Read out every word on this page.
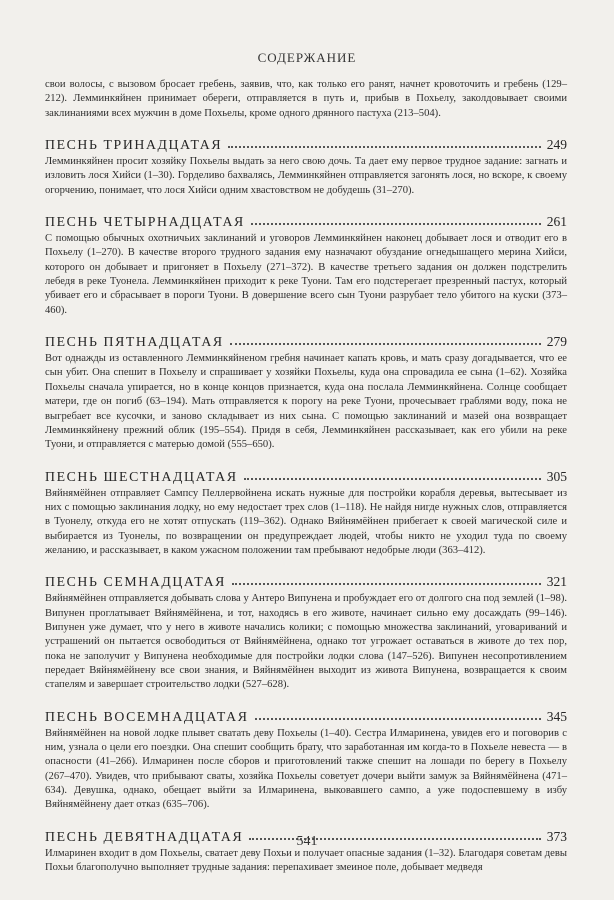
СОДЕРЖАНИЕ

свои волосы, с вызовом бросает гребень, заявив, что, как только его ранят, начнет кровоточить и гребень (129–212). Лемминкяйнен принимает обереги, отправляется в путь и, прибыв в Похьелу, заколдовывает своими заклинаниями всех мужчин в доме Похьелы, кроме одного дрянного пастуха (213–504).

ПЕСНЬ ТРИНАДЦАТАЯ	249

Лемминкяйнен просит хозяйку Похьелы выдать за него свою дочь. Та дает ему первое трудное задание: загнать и изловить лося Хийси (1–30). Горделиво бахвалясь, Лемминкяйнен отправляется загонять лося, но вскоре, к своему огорчению, понимает, что лося Хийси одним хвастовством не добудешь (31–270).

ПЕСНЬ ЧЕТЫРНАДЦАТАЯ	261

С помощью обычных охотничьих заклинаний и уговоров Лемминкяйнен наконец добывает лося и отводит его в Похьелу (1–270). В качестве второго трудного задания ему назначают обуздание огнедышащего мерина Хийси, которого он добывает и пригоняет в Похьелу (271–372). В качестве третьего задания он должен подстрелить лебедя в реке Туонела. Лемминкяйнен приходит к реке Туони. Там его подстерегает презренный пастух, который убивает его и сбрасывает в пороги Туони. В довершение всего сын Туони разрубает тело убитого на куски (373–460).

ПЕСНЬ ПЯТНАДЦАТАЯ	279

Вот однажды из оставленного Лемминкяйненом гребня начинает капать кровь, и мать сразу догадывается, что ее сын убит. Она спешит в Похьелу и спрашивает у хозяйки Похьелы, куда она спровадила ее сына (1–62). Хозяйка Похьелы сначала упирается, но в конце концов признается, куда она послала Лемминкяйнена. Солнце сообщает матери, где он погиб (63–194). Мать отправляется к порогу на реке Туони, прочесывает граблями воду, пока не выгребает все кусочки, и заново складывает из них сына. С помощью заклинаний и мазей она возвращает Лемминкяйнену прежний облик (195–554). Придя в себя, Лемминкяйнен рассказывает, как его убили на реке Туони, и отправляется с матерью домой (555–650).

ПЕСНЬ ШЕСТНАДЦАТАЯ	305

Вяйнямёйнен отправляет Сампсу Пеллервойнена искать нужные для постройки корабля деревья, вытесывает из них с помощью заклинания лодку, но ему недостает трех слов (1–118). Не найдя нигде нужных слов, отправляется в Туонелу, откуда его не хотят отпускать (119–362). Однако Вяйнямёйнен прибегает к своей магической силе и выбирается из Туонелы, по возвращении он предупреждает людей, чтобы никто не уходил туда по своему желанию, и рассказывает, в каком ужасном положении там пребывают недобрые люди (363–412).

ПЕСНЬ СЕМНАДЦАТАЯ	321

Вяйнямёйнен отправляется добывать слова у Антеро Випунена и пробуждает его от долгого сна под землей (1–98). Випунен проглатывает Вяйнямёйнена, и тот, находясь в его животе, начинает сильно ему досаждать (99–146). Випунен уже думает, что у него в животе начались колики; с помощью множества заклинаний, уговариваний и устрашений он пытается освободиться от Вяйнямёйнена, однако тот угрожает оставаться в животе до тех пор, пока не заполучит у Випунена необходимые для постройки лодки слова (147–526). Випунен несопротивлением передает Вяйнямёйнену все свои знания, и Вяйнямёйнен выходит из живота Випунена, возвращается к своим стапелям и завершает строительство лодки (527–628).

ПЕСНЬ ВОСЕМНАДЦАТАЯ	345

Вяйнямёйнен на новой лодке плывет сватать деву Похьелы (1–40). Сестра Илмаринена, увидев его и поговорив с ним, узнала о цели его поездки. Она спешит сообщить брату, что заработанная им когда-то в Похьеле невеста — в опасности (41–266). Илмаринен после сборов и приготовлений также спешит на лошади по берегу в Похьелу (267–470). Увидев, что прибывают сваты, хозяйка Похьелы советует дочери выйти замуж за Вяйнямёйнена (471–634). Девушка, однако, обещает выйти за Илмаринена, выковавшего сампо, а уже подоспевшему в избу Вяйнямёйнену дает отказ (635–706).

ПЕСНЬ ДЕВЯТНАДЦАТАЯ	373

Илмаринен входит в дом Похьелы, сватает деву Похьи и получает опасные задания (1–32). Благодаря советам девы Похьи благополучно выполняет трудные задания: перепахивает змеиное поле, добывает медведя

541
